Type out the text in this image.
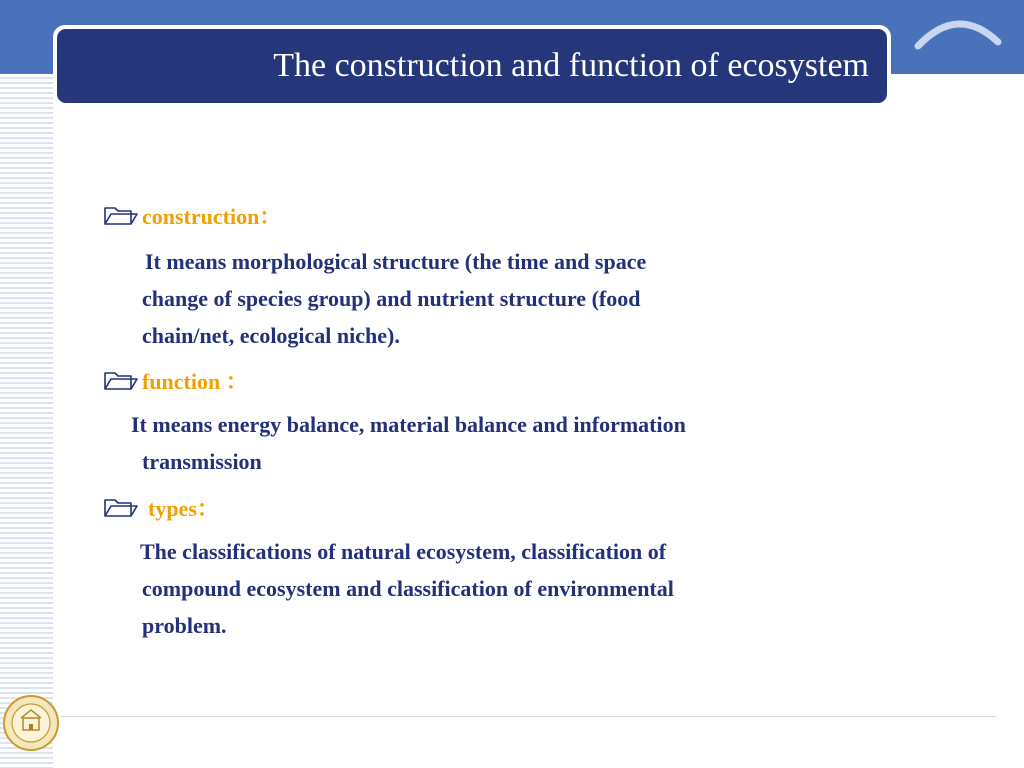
The construction and function of ecosystem
construction：
It means morphological structure (the time and space
change of species group) and nutrient structure (food
chain/net, ecological niche).
function ：
It means energy balance, material balance and information
transmission
types：
The classifications of natural ecosystem, classification of
compound ecosystem and classification of environmental
problem.
